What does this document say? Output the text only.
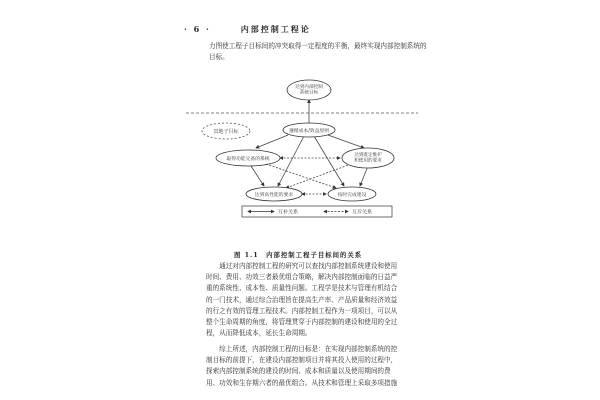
· 6 ·　　　内部控制工程论

力图使工程子目标间的冲突取得一定程度的平衡，最终实现内部控制系统的目标。

冥地子目标
达到内部控制系统目标
遵循成本/效益原则
取得功能完备的系统
达到既定维护和使用的要求
达到高性能的要求	按时完成建设
互补关系	互斥关系
图 1.1　内部控制工程子目标间的关系

　　通过对内部控制工程的研究可以查找内部控制系统建设和使用
时间、费用、功效三者最优组合策略，解决内部控制面临的日益严
重的系统性、成本性、质量性问题。工程学是技术与管理有机结合
的一门技术，通过综合治理旨在提高生产率、产品质量和经济效益
的行之有效的管理工程技术。内部控制工程作为一项项目，可以从
整个生命周期的角度，将管理贯穿于内部控制的建设和使用的全过
程，从而降低成本，延长生命周期。

　　综上所述，内部控制工程的目标是：在实现内部控制系统的控
制目标的前提下，在建设内部控制项目并将其投入使用的过程中，
探索内部控制系统的建设的时间、成本和质量以及使用期间的费
用、功效和生存期六者的最优组合。从技术和管理上采取多项措施
